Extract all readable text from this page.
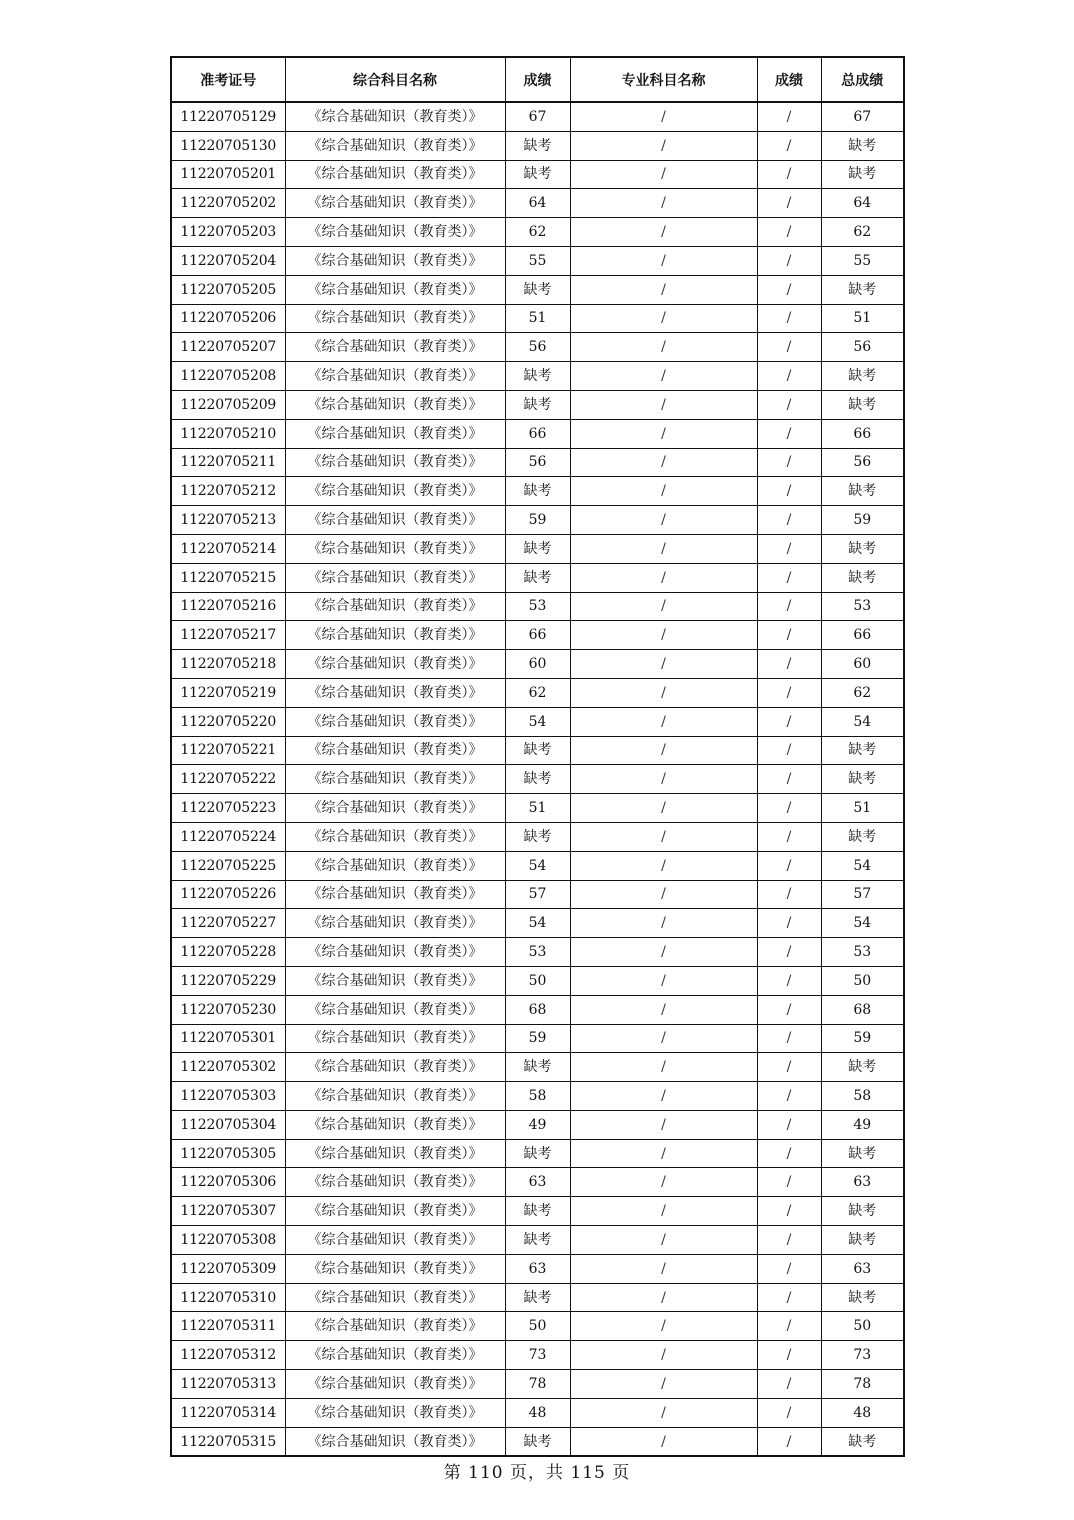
准考证号	综合科目名称	成绩	专业科目名称	成绩	总成绩
11220705129	《综合基础知识（教育类）》	67	/	/	67
11220705130	《综合基础知识（教育类）》	缺考	/	/	缺考
11220705201	《综合基础知识（教育类）》	缺考	/	/	缺考
11220705202	《综合基础知识（教育类）》	64	/	/	64
11220705203	《综合基础知识（教育类）》	62	/	/	62
11220705204	《综合基础知识（教育类）》	55	/	/	55
11220705205	《综合基础知识（教育类）》	缺考	/	/	缺考
11220705206	《综合基础知识（教育类）》	51	/	/	51
11220705207	《综合基础知识（教育类）》	56	/	/	56
11220705208	《综合基础知识（教育类）》	缺考	/	/	缺考
11220705209	《综合基础知识（教育类）》	缺考	/	/	缺考
11220705210	《综合基础知识（教育类）》	66	/	/	66
11220705211	《综合基础知识（教育类）》	56	/	/	56
11220705212	《综合基础知识（教育类）》	缺考	/	/	缺考
11220705213	《综合基础知识（教育类）》	59	/	/	59
11220705214	《综合基础知识（教育类）》	缺考	/	/	缺考
11220705215	《综合基础知识（教育类）》	缺考	/	/	缺考
11220705216	《综合基础知识（教育类）》	53	/	/	53
11220705217	《综合基础知识（教育类）》	66	/	/	66
11220705218	《综合基础知识（教育类）》	60	/	/	60
11220705219	《综合基础知识（教育类）》	62	/	/	62
11220705220	《综合基础知识（教育类）》	54	/	/	54
11220705221	《综合基础知识（教育类）》	缺考	/	/	缺考
11220705222	《综合基础知识（教育类）》	缺考	/	/	缺考
11220705223	《综合基础知识（教育类）》	51	/	/	51
11220705224	《综合基础知识（教育类）》	缺考	/	/	缺考
11220705225	《综合基础知识（教育类）》	54	/	/	54
11220705226	《综合基础知识（教育类）》	57	/	/	57
11220705227	《综合基础知识（教育类）》	54	/	/	54
11220705228	《综合基础知识（教育类）》	53	/	/	53
11220705229	《综合基础知识（教育类）》	50	/	/	50
11220705230	《综合基础知识（教育类）》	68	/	/	68
11220705301	《综合基础知识（教育类）》	59	/	/	59
11220705302	《综合基础知识（教育类）》	缺考	/	/	缺考
11220705303	《综合基础知识（教育类）》	58	/	/	58
11220705304	《综合基础知识（教育类）》	49	/	/	49
11220705305	《综合基础知识（教育类）》	缺考	/	/	缺考
11220705306	《综合基础知识（教育类）》	63	/	/	63
11220705307	《综合基础知识（教育类）》	缺考	/	/	缺考
11220705308	《综合基础知识（教育类）》	缺考	/	/	缺考
11220705309	《综合基础知识（教育类）》	63	/	/	63
11220705310	《综合基础知识（教育类）》	缺考	/	/	缺考
11220705311	《综合基础知识（教育类）》	50	/	/	50
11220705312	《综合基础知识（教育类）》	73	/	/	73
11220705313	《综合基础知识（教育类）》	78	/	/	78
11220705314	《综合基础知识（教育类）》	48	/	/	48
11220705315	《综合基础知识（教育类）》	缺考	/	/	缺考
第 110 页，共 115 页
